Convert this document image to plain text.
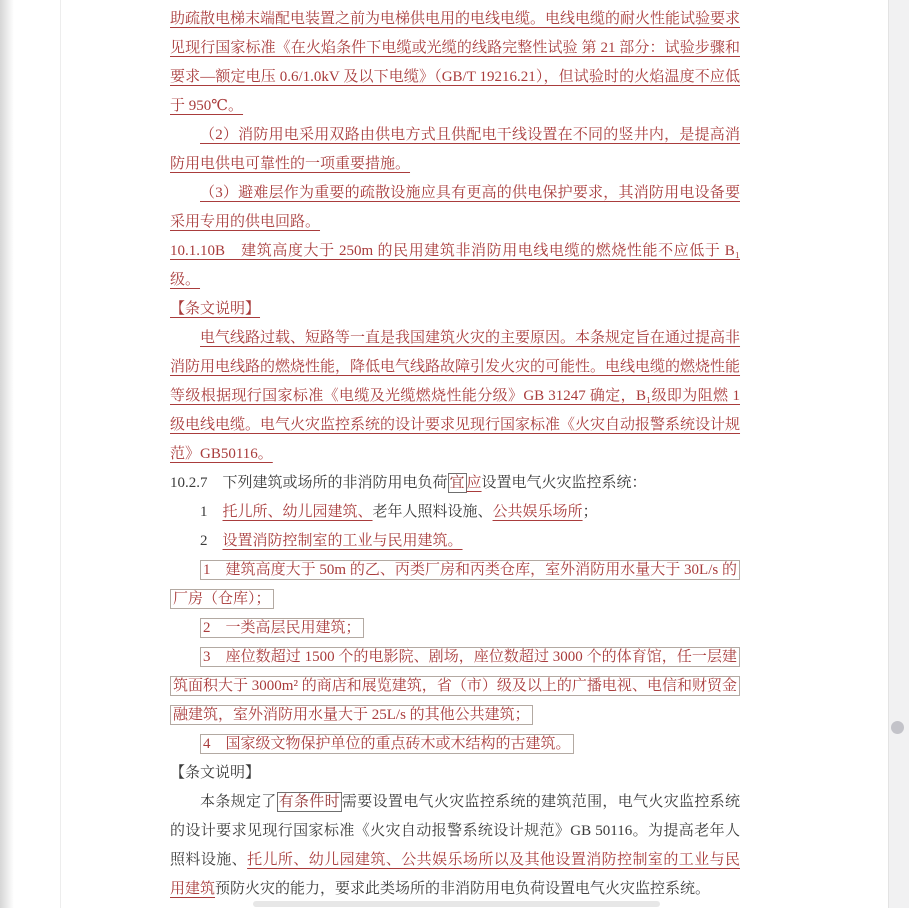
助疏散电梯末端配电装置之前为电梯供电用的电线电缆。电线电缆的耐火性能试验要求见现行国家标准《在火焰条件下电缆或光缆的线路完整性试验 第 21 部分：试验步骤和要求—额定电压 0.6/1.0kV 及以下电缆》（GB/T 19216.21），但试验时的火焰温度不应低于 950℃。

（2）消防用电采用双路由供电方式且供配电干线设置在不同的竖井内，是提高消防用电供电可靠性的一项重要措施。

（3）避难层作为重要的疏散设施应具有更高的供电保护要求，其消防用电设备要采用专用的供电回路。

10.1.10B　建筑高度大于 250m 的民用建筑非消防用电线电缆的燃烧性能不应低于 B₁级。

【条文说明】

电气线路过载、短路等一直是我国建筑火灾的主要原因。本条规定旨在通过提高非消防用电线路的燃烧性能，降低电气线路故障引发火灾的可能性。电线电缆的燃烧性能等级根据现行国家标准《电缆及光缆燃烧性能分级》GB 31247 确定，B₁级即为阻燃 1 级电线电缆。电气火灾监控系统的设计要求见现行国家标准《火灾自动报警系统设计规范》GB50116。

10.2.7　下列建筑或场所的非消防用电负荷 宜 应设置电气火灾监控系统：

1　托儿所、幼儿园建筑、老年人照料设施、公共娱乐场所；

2　设置消防控制室的工业与民用建筑。

1　建筑高度大于 50m 的乙、丙类厂房和丙类仓库，室外消防用水量大于 30L/s 的厂房（仓库）；

2　一类高层民用建筑；

3　座位数超过 1500 个的电影院、剧场，座位数超过 3000 个的体育馆，任一层建筑面积大于 3000m² 的商店和展览建筑，省（市）级及以上的广播电视、电信和财贸金融建筑，室外消防用水量大于 25L/s 的其他公共建筑；

4　国家级文物保护单位的重点砖木或木结构的古建筑。

【条文说明】

本条规定了 有条件时 需要设置电气火灾监控系统的建筑范围，电气火灾监控系统的设计要求见现行国家标准《火灾自动报警系统设计规范》GB 50116。为提高老年人照料设施、托儿所、幼儿园建筑、公共娱乐场所以及其他设置消防控制室的工业与民用建筑预防火灾的能力，要求此类场所的非消防用电负荷设置电气火灾监控系统。
